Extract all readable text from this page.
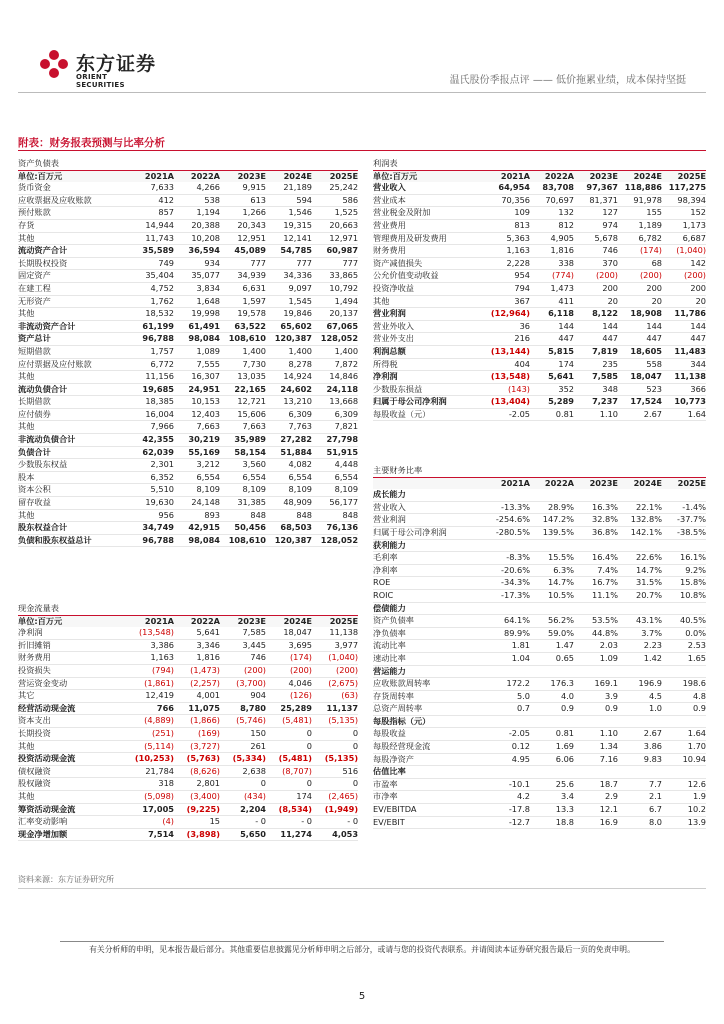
东方证券
ORIENT SECURITIES	温氏股份季报点评 —— 低价拖累业绩，成本保持坚挺
附表：财务报表预测与比率分析
资产负债表					
单位:百万元	2021A	2022A	2023E	2024E	2025E
货币资金	7,633	4,266	9,915	21,189	25,242
应收票据及应收账款	412	538	613	594	586
预付账款	857	1,194	1,266	1,546	1,525
存货	14,944	20,388	20,343	19,315	20,663
其他	11,743	10,208	12,951	12,141	12,971
流动资产合计	35,589	36,594	45,089	54,785	60,987
长期股权投资	749	934	777	777	777
固定资产	35,404	35,077	34,939	34,336	33,865
在建工程	4,752	3,834	6,631	9,097	10,792
无形资产	1,762	1,648	1,597	1,545	1,494
其他	18,532	19,998	19,578	19,846	20,137
非流动资产合计	61,199	61,491	63,522	65,602	67,065
资产总计	96,788	98,084	108,610	120,387	128,052
短期借款	1,757	1,089	1,400	1,400	1,400
应付票据及应付账款	6,772	7,555	7,730	8,278	7,872
其他	11,156	16,307	13,035	14,924	14,846
流动负债合计	19,685	24,951	22,165	24,602	24,118
长期借款	18,385	10,153	12,721	13,210	13,668
应付债券	16,004	12,403	15,606	6,309	6,309
其他	7,966	7,663	7,663	7,763	7,821
非流动负债合计	42,355	30,219	35,989	27,282	27,798
负债合计	62,039	55,169	58,154	51,884	51,915
少数股东权益	2,301	3,212	3,560	4,082	4,448
股本	6,352	6,554	6,554	6,554	6,554
资本公积	5,510	8,109	8,109	8,109	8,109
留存收益	19,630	24,148	31,385	48,909	56,177
其他	956	893	848	848	848
股东权益合计	34,749	42,915	50,456	68,503	76,136
负债和股东权益总计	96,788	98,084	108,610	120,387	128,052
现金流量表					
单位:百万元	2021A	2022A	2023E	2024E	2025E
净利润	(13,548)	5,641	7,585	18,047	11,138
折旧摊销	3,386	3,346	3,445	3,695	3,977
财务费用	1,163	1,816	746	(174)	(1,040)
投资损失	(794)	(1,473)	(200)	(200)	(200)
营运资金变动	(1,861)	(2,257)	(3,700)	4,046	(2,675)
其它	12,419	4,001	904	(126)	(63)
经营活动现金流	766	11,075	8,780	25,289	11,137
资本支出	(4,889)	(1,866)	(5,746)	(5,481)	(5,135)
长期投资	(251)	(169)	150	0	0
其他	(5,114)	(3,727)	261	0	0
投资活动现金流	(10,253)	(5,763)	(5,334)	(5,481)	(5,135)
债权融资	21,784	(8,626)	2,638	(8,707)	516
股权融资	318	2,801	0	0	0
其他	(5,098)	(3,400)	(434)	174	(2,465)
筹资活动现金流	17,005	(9,225)	2,204	(8,534)	(1,949)
汇率变动影响	(4)	15	- 0	- 0	- 0
现金净增加额	7,514	(3,898)	5,650	11,274	4,053
利润表					
单位:百万元	2021A	2022A	2023E	2024E	2025E
营业收入	64,954	83,708	97,367	118,886	117,275
营业成本	70,356	70,697	81,371	91,978	98,394
营业税金及附加	109	132	127	155	152
营业费用	813	812	974	1,189	1,173
管理费用及研发费用	5,363	4,905	5,678	6,782	6,687
财务费用	1,163	1,816	746	(174)	(1,040)
资产减值损失	2,228	338	370	68	142
公允价值变动收益	954	(774)	(200)	(200)	(200)
投资净收益	794	1,473	200	200	200
其他	367	411	20	20	20
营业利润	(12,964)	6,118	8,122	18,908	11,786
营业外收入	36	144	144	144	144
营业外支出	216	447	447	447	447
利润总额	(13,144)	5,815	7,819	18,605	11,483
所得税	404	174	235	558	344
净利润	(13,548)	5,641	7,585	18,047	11,138
少数股东损益	(143)	352	348	523	366
归属于母公司净利润	(13,404)	5,289	7,237	17,524	10,773
每股收益（元）	-2.05	0.81	1.10	2.67	1.64
主要财务比率					
	2021A	2022A	2023E	2024E	2025E
成长能力					
营业收入	-13.3%	28.9%	16.3%	22.1%	-1.4%
营业利润	-254.6%	147.2%	32.8%	132.8%	-37.7%
归属于母公司净利润	-280.5%	139.5%	36.8%	142.1%	-38.5%
获利能力					
毛利率	-8.3%	15.5%	16.4%	22.6%	16.1%
净利率	-20.6%	6.3%	7.4%	14.7%	9.2%
ROE	-34.3%	14.7%	16.7%	31.5%	15.8%
ROIC	-17.3%	10.5%	11.1%	20.7%	10.8%
偿债能力					
资产负债率	64.1%	56.2%	53.5%	43.1%	40.5%
净负债率	89.9%	59.0%	44.8%	3.7%	0.0%
流动比率	1.81	1.47	2.03	2.23	2.53
速动比率	1.04	0.65	1.09	1.42	1.65
营运能力					
应收账款周转率	172.2	176.3	169.1	196.9	198.6
存货周转率	5.0	4.0	3.9	4.5	4.8
总资产周转率	0.7	0.9	0.9	1.0	0.9
每股指标（元）					
每股收益	-2.05	0.81	1.10	2.67	1.64
每股经营现金流	0.12	1.69	1.34	3.86	1.70
每股净资产	4.95	6.06	7.16	9.83	10.94
估值比率					
市盈率	-10.1	25.6	18.7	7.7	12.6
市净率	4.2	3.4	2.9	2.1	1.9
EV/EBITDA	-17.8	13.3	12.1	6.7	10.2
EV/EBIT	-12.7	18.8	16.9	8.0	13.9
资料来源：东方证券研究所
有关分析师的申明，见本报告最后部分。其他重要信息披露见分析师申明之后部分，或请与您的投资代表联系。并请阅读本证券研究报告最后一页的免责申明。
5
